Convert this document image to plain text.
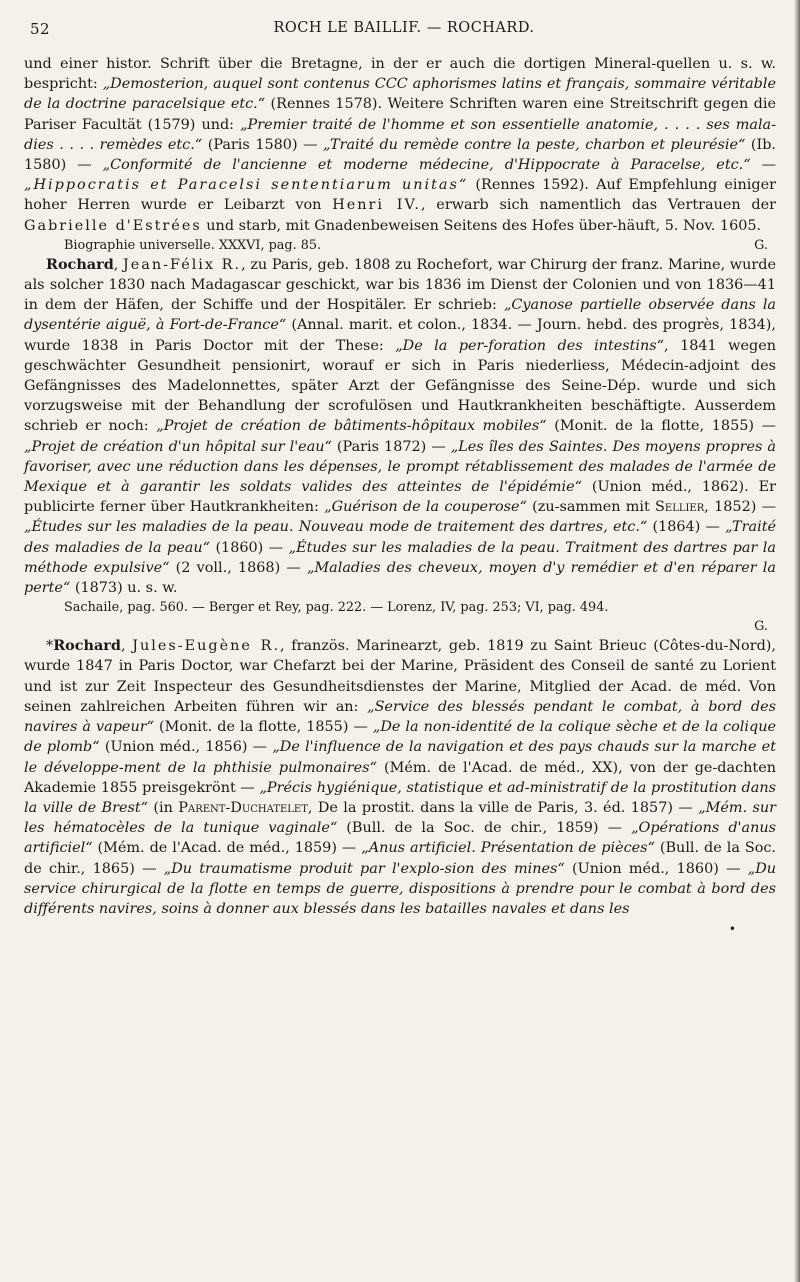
52	ROCH LE BAILLIF. — ROCHARD.

und einer histor. Schrift über die Bretagne, in der er auch die dortigen Mineral-quellen u. s. w. bespricht: „Demosterion, auquel sont contenus CCC aphorismes latins et français, sommaire véritable de la doctrine paracelsique etc.“ (Rennes 1578). Weitere Schriften waren eine Streitschrift gegen die Pariser Facultät (1579) und: „Premier traité de l'homme et son essentielle anatomie, . . . . ses mala-dies . . . . remèdes etc.“ (Paris 1580) — „Traité du remède contre la peste, charbon et pleurésie“ (Ib. 1580) — „Conformité de l'ancienne et moderne médecine, d'Hippocrate à Paracelse, etc.“ — „Hippocratis et Paracelsi sententiarum unitas“ (Rennes 1592). Auf Empfehlung einiger hoher Herren wurde er Leibarzt von Henri IV., erwarb sich namentlich das Vertrauen der Gabrielle d'Estrées und starb, mit Gnadenbeweisen Seitens des Hofes über-häuft, 5. Nov. 1605.

Biographie universelle. XXXVI, pag. 85.	G.

Rochard, Jean-Félix R., zu Paris, geb. 1808 zu Rochefort, war Chirurg der franz. Marine, wurde als solcher 1830 nach Madagascar geschickt, war bis 1836 im Dienst der Colonien und von 1836—41 in dem der Häfen, der Schiffe und der Hospitäler. Er schrieb: „Cyanose partielle observée dans la dysentérie aiguë, à Fort-de-France“ (Annal. marit. et colon., 1834. — Journ. hebd. des progrès, 1834), wurde 1838 in Paris Doctor mit der These: „De la per-foration des intestins“, 1841 wegen geschwächter Gesundheit pensionirt, worauf er sich in Paris niederliess, Médecin-adjoint des Gefängnisses des Madelonnettes, später Arzt der Gefängnisse des Seine-Dép. wurde und sich vorzugsweise mit der Behandlung der scrofulösen und Hautkrankheiten beschäftigte. Ausserdem schrieb er noch: „Projet de création de bâtiments-hôpitaux mobiles“ (Monit. de la flotte, 1855) — „Projet de création d'un hôpital sur l'eau“ (Paris 1872) — „Les îles des Saintes. Des moyens propres à favoriser, avec une réduction dans les dépenses, le prompt rétablissement des malades de l'armée de Mexique et à garantir les soldats valides des atteintes de l'épidémie“ (Union méd., 1862). Er publicirte ferner über Hautkrankheiten: „Guérison de la couperose“ (zu-sammen mit Sellier, 1852) — „Études sur les maladies de la peau. Nouveau mode de traitement des dartres, etc.“ (1864) — „Traité des maladies de la peau“ (1860) — „Études sur les maladies de la peau. Traitment des dartres par la méthode expulsive“ (2 voll., 1868) — „Maladies des cheveux, moyen d'y remédier et d'en réparer la perte“ (1873) u. s. w.

Sachaile, pag. 560. — Berger et Rey, pag. 222. — Lorenz, IV, pag. 253; VI, pag. 494.
G.

*Rochard, Jules-Eugène R., französ. Marinearzt, geb. 1819 zu Saint Brieuc (Côtes-du-Nord), wurde 1847 in Paris Doctor, war Chefarzt bei der Marine, Präsident des Conseil de santé zu Lorient und ist zur Zeit Inspecteur des Gesundheitsdienstes der Marine, Mitglied der Acad. de méd. Von seinen zahlreichen Arbeiten führen wir an: „Service des blessés pendant le combat, à bord des navires à vapeur“ (Monit. de la flotte, 1855) — „De la non-identité de la colique sèche et de la colique de plomb“ (Union méd., 1856) — „De l'influence de la navigation et des pays chauds sur la marche et le développe-ment de la phthisie pulmonaires“ (Mém. de l'Acad. de méd., XX), von der ge-dachten Akademie 1855 preisgekrönt — „Précis hygiénique, statistique et ad-ministratif de la prostitution dans la ville de Brest“ (in Parent-Duchatelet, De la prostit. dans la ville de Paris, 3. éd. 1857) — „Mém. sur les hématocèles de la tunique vaginale“ (Bull. de la Soc. de chir., 1859) — „Opérations d'anus artificiel“ (Mém. de l'Acad. de méd., 1859) — „Anus artificiel. Présentation de pièces“ (Bull. de la Soc. de chir., 1865) — „Du traumatisme produit par l'explo-sion des mines“ (Union méd., 1860) — „Du service chirurgical de la flotte en temps de guerre, dispositions à prendre pour le combat à bord des différents navires, soins à donner aux blessés dans les batailles navales et dans les

•
